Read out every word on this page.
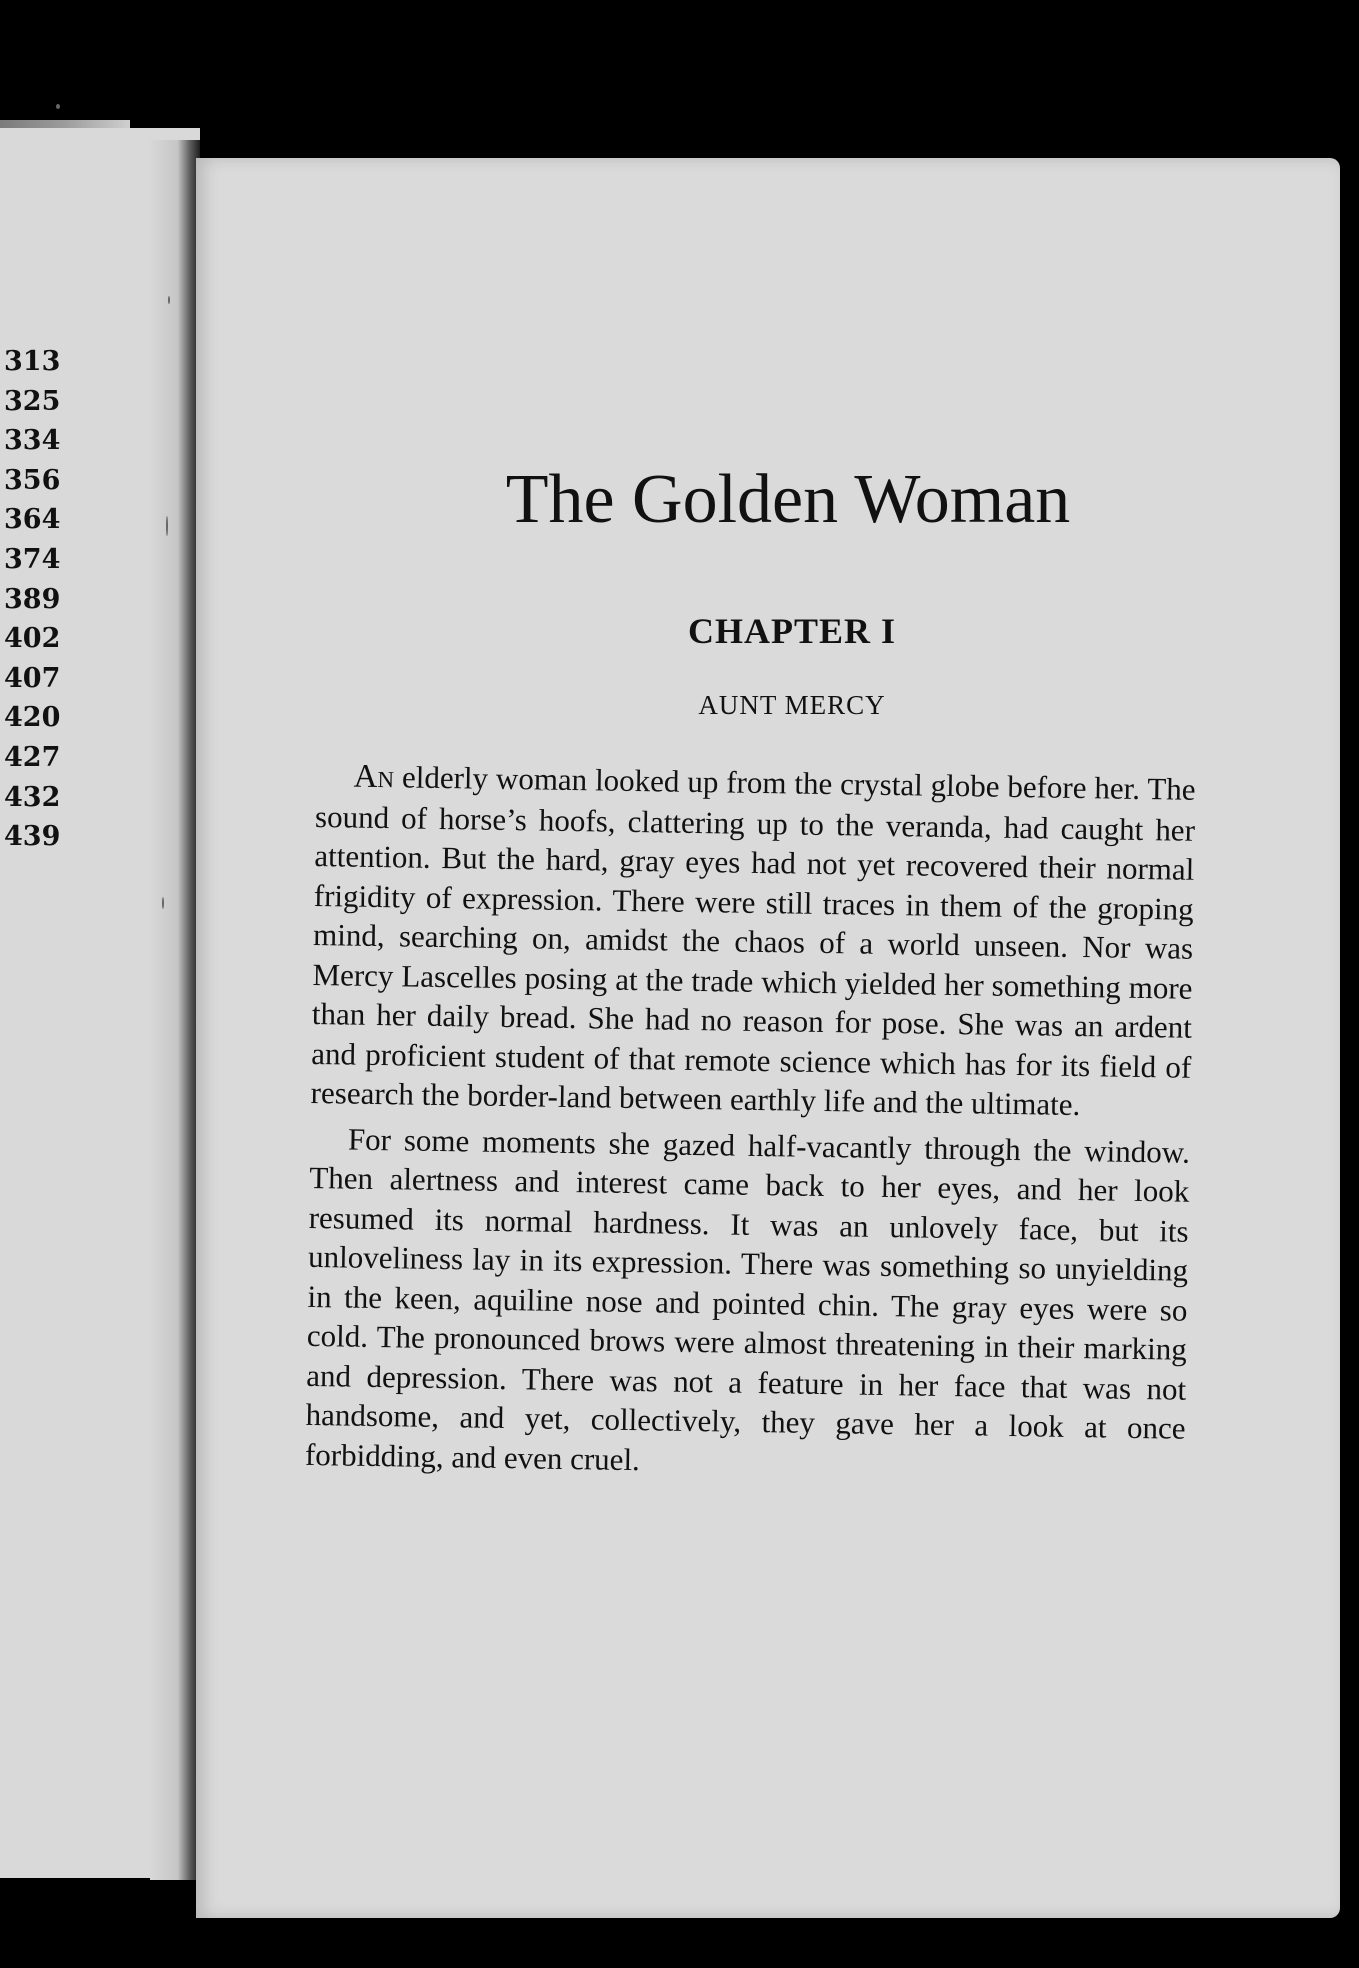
313
325
334
356
364
374
389
402
407
420
427
432
439
The Golden Woman
CHAPTER I
AUNT MERCY

An elderly woman looked up from the crystal globe before her. The sound of horse’s hoofs, clattering up to the veranda, had caught her attention. But the hard, gray eyes had not yet recovered their normal frigidity of expression. There were still traces in them of the groping mind, searching on, amidst the chaos of a world unseen. Nor was Mercy Lascelles posing at the trade which yielded her something more than her daily bread. She had no reason for pose. She was an ardent and proficient student of that remote science which has for its field of research the border-land between earthly life and the ultimate.

For some moments she gazed half-vacantly through the window. Then alertness and interest came back to her eyes, and her look resumed its normal hardness. It was an unlovely face, but its unloveliness lay in its expression. There was something so unyielding in the keen, aquiline nose and pointed chin. The gray eyes were so cold. The pronounced brows were almost threatening in their marking and depression. There was not a feature in her face that was not handsome, and yet, collectively, they gave her a look at once forbidding, and even cruel.
